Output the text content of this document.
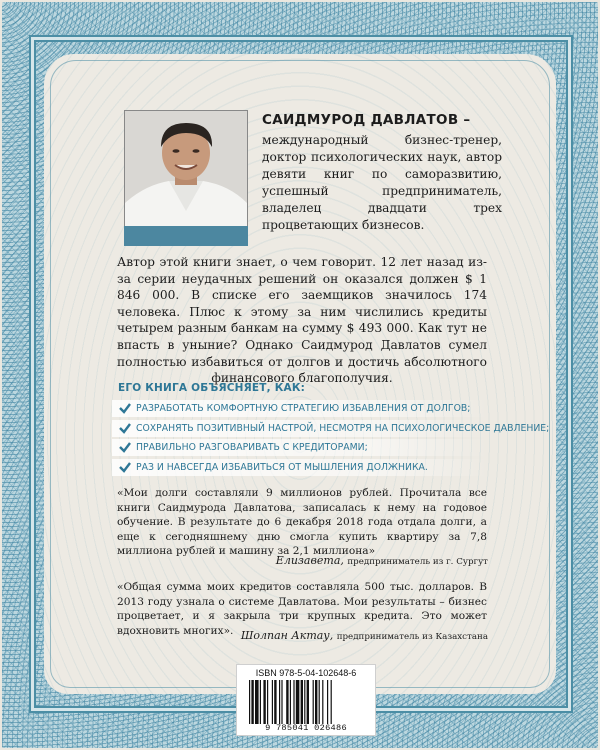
САИДМУРОД ДАВЛАТОВ –
международный бизнес-тренер, доктор психологических наук, автор девяти книг по саморазвитию, успешный предприниматель, владелец двадцати трех процветающих бизнесов.
Автор этой книги знает, о чем говорит. 12 лет назад из-за серии неудачных решений он оказался должен $ 1 846 000. В списке его заемщиков значилось 174 человека. Плюс к этому за ним числились кредиты четырем разным банкам на сумму $ 493 000. Как тут не впасть в уныние? Однако Саидмурод Давлатов сумел полностью избавиться от долгов и достичь абсолютного финансового благополучия.
ЕГО КНИГА ОБЪЯСНЯЕТ, КАК:
РАЗРАБОТАТЬ КОМФОРТНУЮ СТРАТЕГИЮ ИЗБАВЛЕНИЯ ОТ ДОЛГОВ;
СОХРАНЯТЬ ПОЗИТИВНЫЙ НАСТРОЙ, НЕСМОТРЯ НА ПСИХОЛОГИЧЕСКОЕ ДАВЛЕНИЕ;
ПРАВИЛЬНО РАЗГОВАРИВАТЬ С КРЕДИТОРАМИ;
РАЗ И НАВСЕГДА ИЗБАВИТЬСЯ ОТ МЫШЛЕНИЯ ДОЛЖНИКА.
«Мои долги составляли 9 миллионов рублей. Прочитала все книги Саидмурода Давлатова, записалась к нему на годовое обучение. В результате до 6 декабря 2018 года отдала долги, а еще к сегодняшнему дню смогла купить квартиру за 7,8 миллиона рублей и машину за 2,1 миллиона»
Елизавета, предприниматель из г. Сургут
«Общая сумма моих кредитов составляла 500 тыс. долларов. В 2013 году узнала о системе Давлатова. Мои результаты – бизнес процветает, и я закрыла три крупных кредита. Это может вдохновить многих». Шолпан Актау, предприниматель из Казахстана
ISBN 978-5-04-102648-6
9 785041 026486
